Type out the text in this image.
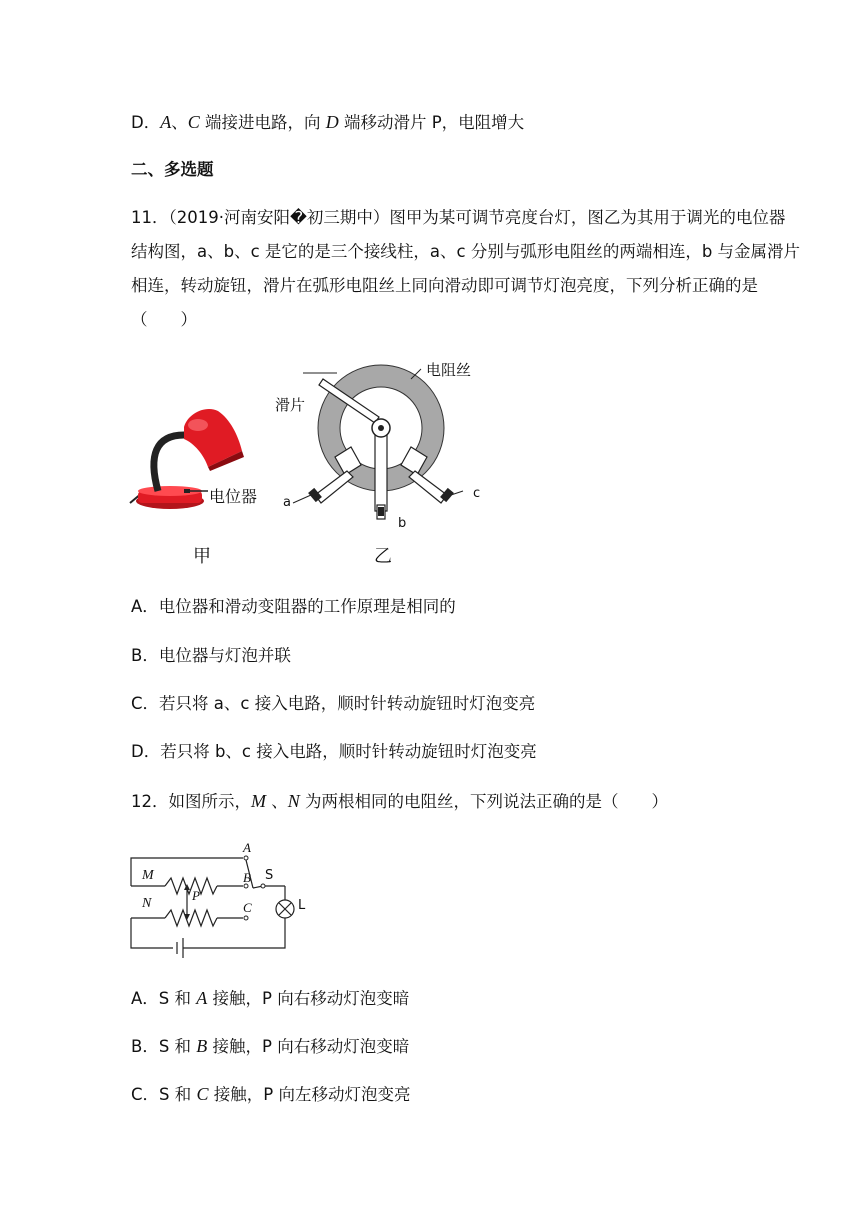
D．A、C 端接进电路，向 D 端移动滑片 P，电阻增大
二、多选题
11．（2019·河南安阳�初三期中）图甲为某可调节亮度台灯，图乙为其用于调光的电位器
结构图，a、b、c 是它的是三个接线柱，a、c 分别与弧形电阻丝的两端相连，b 与金属滑片
相连，转动旋钮，滑片在弧形电阻丝上同向滑动即可调节灯泡亮度，下列分析正确的是
（　　）
电位器
甲
电阻丝
滑片
a
b
c
乙
A．电位器和滑动变阻器的工作原理是相同的
B．电位器与灯泡并联
C．若只将 a、c 接入电路，顺时针转动旋钮时灯泡变亮
D．若只将 b、c 接入电路，顺时针转动旋钮时灯泡变亮
12．如图所示，M 、N 为两根相同的电阻丝，下列说法正确的是（　　）
M
N
A
B
C
S
P
L
A．S 和 A 接触，P 向右移动灯泡变暗
B．S 和 B 接触，P 向右移动灯泡变暗
C．S 和 C 接触，P 向左移动灯泡变亮
